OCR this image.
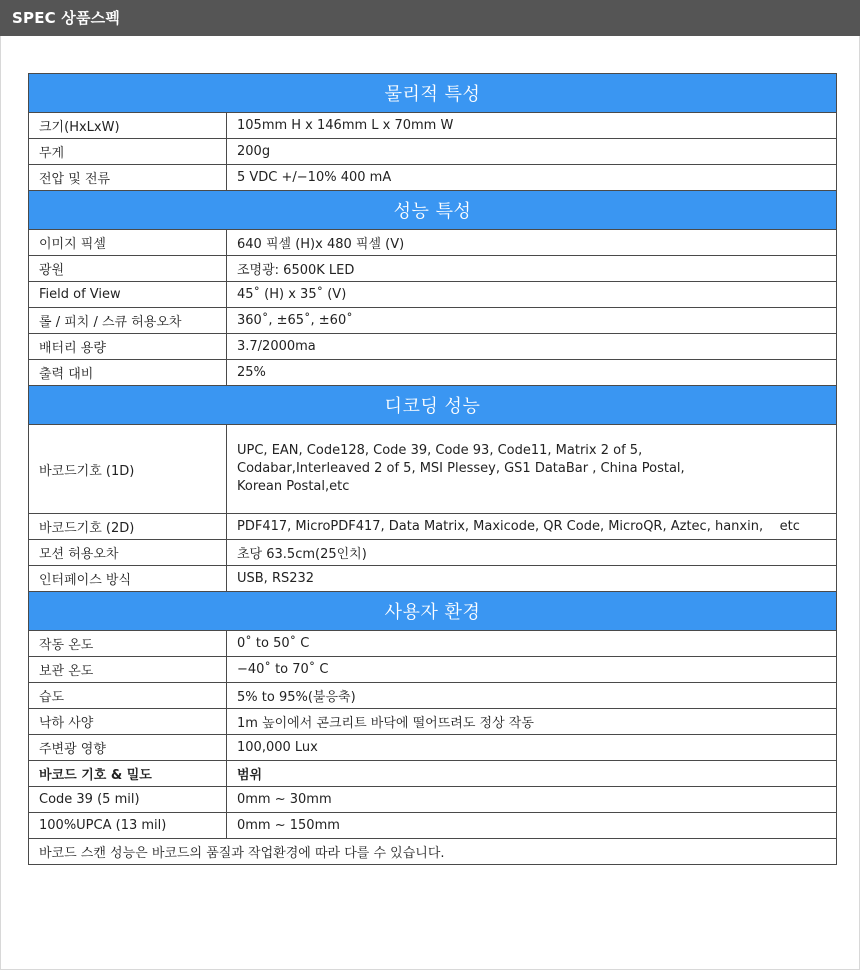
SPEC 상품스펙
물리적 특성	
크기(HxLxW)	105mm H x 146mm L x 70mm W
무게	200g
전압 및 전류	5 VDC +/−10% 400 mA
성능 특성	
이미지 픽셀	640 픽셀 (H)x 480 픽셀 (V)
광원	조명광: 6500K LED
Field of View	45˚ (H) x 35˚ (V)
롤 / 피치 / 스큐 허용오차	360˚, ±65˚, ±60˚
배터리 용량	3.7/2000ma
출력 대비	25%
디코딩 성능	
바코드기호 (1D)	UPC, EAN, Code128, Code 39, Code 93, Code11, Matrix 2 of 5,
Codabar,Interleaved 2 of 5, MSI Plessey, GS1 DataBar , China Postal,
Korean Postal,etc

바코드기호 (2D)	PDF417, MicroPDF417, Data Matrix, Maxicode, QR Code, MicroQR, Aztec, hanxin,    etc
모션 허용오차	초당 63.5cm(25인치)
인터페이스 방식	USB, RS232
사용자 환경	
작동 온도	0˚ to 50˚ C
보관 온도	−40˚ to 70˚ C
습도	5% to 95%(불응축)
낙하 사양	1m 높이에서 콘크리트 바닥에 떨어뜨려도 정상 작동
주변광 영향	100,000 Lux
바코드 기호 & 밀도	범위
Code 39 (5 mil)	0mm ~ 30mm
100%UPCA (13 mil)	0mm ~ 150mm
바코드 스캔 성능은 바코드의 품질과 작업환경에 따라 다를 수 있습니다.	
